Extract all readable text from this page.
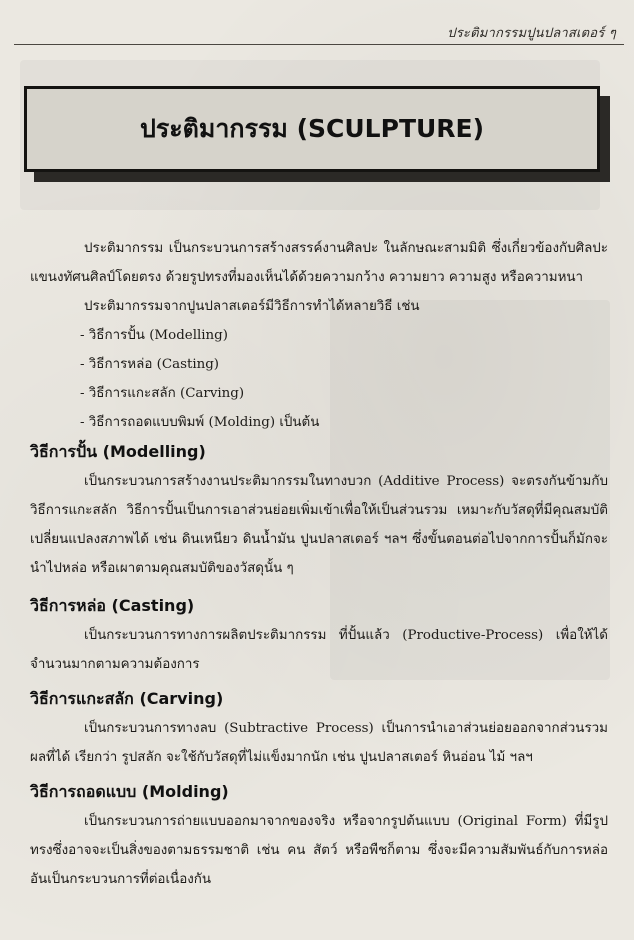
ประติมากรรมปูนปลาสเตอร์ ๆ
ประติมากรรม (SCULPTURE)

ประติมากรรม เป็นกระบวนการสร้างสรรค์งานศิลปะ ในลักษณะสามมิติ ซึ่งเกี่ยวข้องกับศิลปะแขนงทัศนศิลป์โดยตรง ด้วยรูปทรงที่มองเห็นได้ด้วยความกว้าง ความยาว ความสูง หรือความหนา

ประติมากรรมจากปูนปลาสเตอร์มีวิธีการทำได้หลายวิธี เช่น

- วิธีการปั้น (Modelling)
- วิธีการหล่อ (Casting)
- วิธีการแกะสลัก (Carving)
- วิธีการถอดแบบพิมพ์ (Molding) เป็นต้น
วิธีการปั้น (Modelling)

เป็นกระบวนการสร้างงานประติมากรรมในทางบวก (Additive Process) จะตรงกันข้ามกับวิธีการแกะสลัก วิธีการปั้นเป็นการเอาส่วนย่อยเพิ่มเข้าเพื่อให้เป็นส่วนรวม เหมาะกับวัสดุที่มีคุณสมบัติเปลี่ยนแปลงสภาพได้ เช่น ดินเหนียว ดินน้ำมัน ปูนปลาสเตอร์ ฯลฯ ซึ่งขั้นตอนต่อไปจากการปั้นก็มักจะนำไปหล่อ หรือเผาตามคุณสมบัติของวัสดุนั้น ๆ

วิธีการหล่อ (Casting)

เป็นกระบวนการทางการผลิตประติมากรรม ที่ปั้นแล้ว (Productive-Process) เพื่อให้ได้จำนวนมากตามความต้องการ

วิธีการแกะสลัก (Carving)

เป็นกระบวนการทางลบ (Subtractive Process) เป็นการนำเอาส่วนย่อยออกจากส่วนรวมผลที่ได้ เรียกว่า รูปสลัก จะใช้กับวัสดุที่ไม่แข็งมากนัก เช่น ปูนปลาสเตอร์ หินอ่อน ไม้ ฯลฯ

วิธีการถอดแบบ (Molding)

เป็นกระบวนการถ่ายแบบออกมาจากของจริง หรือจากรูปต้นแบบ (Original Form) ที่มีรูปทรงซึ่งอาจจะเป็นสิ่งของตามธรรมชาติ เช่น คน สัตว์ หรือพืชก็ตาม ซึ่งจะมีความสัมพันธ์กับการหล่อ อันเป็นกระบวนการที่ต่อเนื่องกัน
